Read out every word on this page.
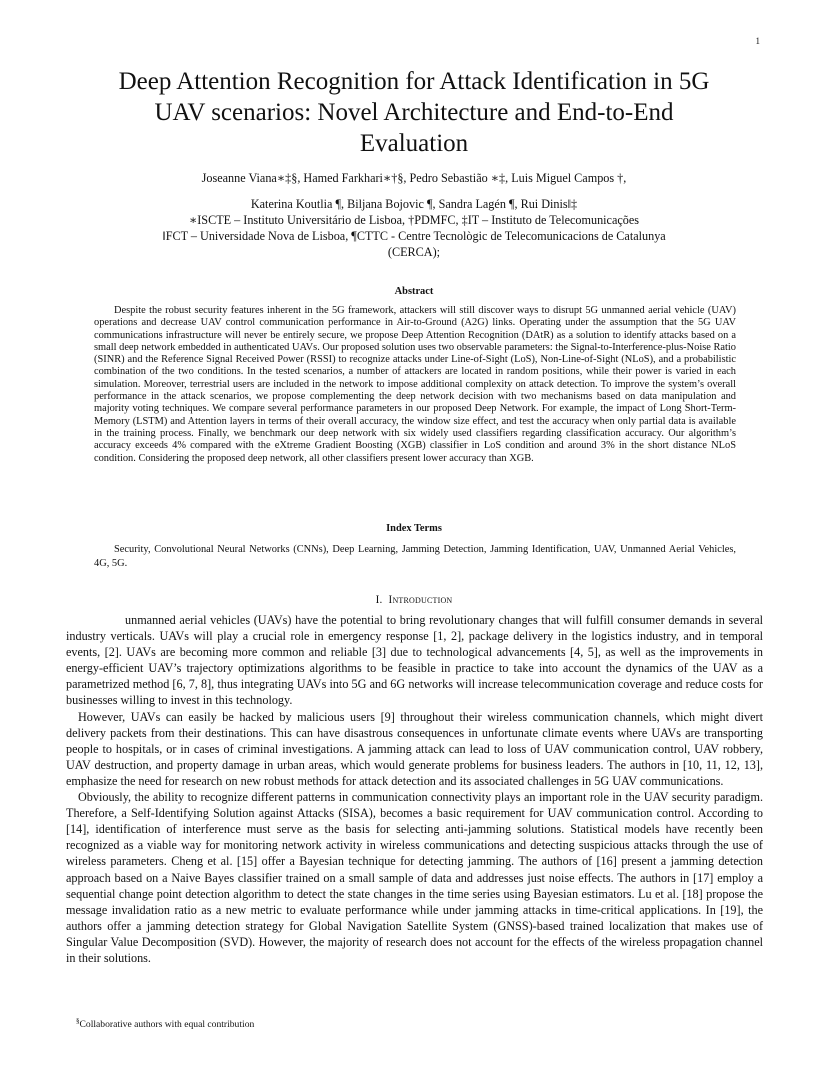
1
Deep Attention Recognition for Attack Identification in 5G UAV scenarios: Novel Architecture and End-to-End Evaluation

Joseanne Viana∗‡§, Hamed Farkhari∗†§, Pedro Sebastião ∗‡, Luis Miguel Campos †,

Katerina Koutlia ¶, Biljana Bojovic ¶, Sandra Lagén ¶, Rui Dinis‖‡

∗ISCTE – Instituto Universitário de Lisboa, †PDMFC, ‡IT – Instituto de Telecomunicações

‖FCT – Universidade Nova de Lisboa, ¶CTTC - Centre Tecnològic de Telecomunicacions de Catalunya

(CERCA);

Abstract

Despite the robust security features inherent in the 5G framework, attackers will still discover ways to disrupt 5G unmanned aerial vehicle (UAV) operations and decrease UAV control communication performance in Air-to-Ground (A2G) links. Operating under the assumption that the 5G UAV communications infrastructure will never be entirely secure, we propose Deep Attention Recognition (DAtR) as a solution to identify attacks based on a small deep network embedded in authenticated UAVs. Our proposed solution uses two observable parameters: the Signal-to-Interference-plus-Noise Ratio (SINR) and the Reference Signal Received Power (RSSI) to recognize attacks under Line-of-Sight (LoS), Non-Line-of-Sight (NLoS), and a probabilistic combination of the two conditions. In the tested scenarios, a number of attackers are located in random positions, while their power is varied in each simulation. Moreover, terrestrial users are included in the network to impose additional complexity on attack detection. To improve the system’s overall performance in the attack scenarios, we propose complementing the deep network decision with two mechanisms based on data manipulation and majority voting techniques. We compare several performance parameters in our proposed Deep Network. For example, the impact of Long Short-Term-Memory (LSTM) and Attention layers in terms of their overall accuracy, the window size effect, and test the accuracy when only partial data is available in the training process. Finally, we benchmark our deep network with six widely used classifiers regarding classification accuracy. Our algorithm’s accuracy exceeds 4% compared with the eXtreme Gradient Boosting (XGB) classifier in LoS condition and around 3% in the short distance NLoS condition. Considering the proposed deep network, all other classifiers present lower accuracy than XGB.

Index Terms

Security, Convolutional Neural Networks (CNNs), Deep Learning, Jamming Detection, Jamming Identification, UAV, Unmanned Aerial Vehicles, 4G, 5G.

I. Introduction

unmanned aerial vehicles (UAVs) have the potential to bring revolutionary changes that will fulfill consumer demands in several industry verticals. UAVs will play a crucial role in emergency response [1, 2], package delivery in the logistics industry, and in temporal events, [2]. UAVs are becoming more common and reliable [3] due to technological advancements [4, 5], as well as the improvements in energy-efficient UAV’s trajectory optimizations algorithms to be feasible in practice to take into account the dynamics of the UAV as a parametrized method [6, 7, 8], thus integrating UAVs into 5G and 6G networks will increase telecommunication coverage and reduce costs for businesses willing to invest in this technology.

However, UAVs can easily be hacked by malicious users [9] throughout their wireless communication channels, which might divert delivery packets from their destinations. This can have disastrous consequences in unfortunate climate events where UAVs are transporting people to hospitals, or in cases of criminal investigations. A jamming attack can lead to loss of UAV communication control, UAV robbery, UAV destruction, and property damage in urban areas, which would generate problems for business leaders. The authors in [10, 11, 12, 13], emphasize the need for research on new robust methods for attack detection and its associated challenges in 5G UAV communications.

Obviously, the ability to recognize different patterns in communication connectivity plays an important role in the UAV security paradigm. Therefore, a Self-Identifying Solution against Attacks (SISA), becomes a basic requirement for UAV communication control. According to [14], identification of interference must serve as the basis for selecting anti-jamming solutions. Statistical models have recently been recognized as a viable way for monitoring network activity in wireless communications and detecting suspicious attacks through the use of wireless parameters. Cheng et al. [15] offer a Bayesian technique for detecting jamming. The authors of [16] present a jamming detection approach based on a Naive Bayes classifier trained on a small sample of data and addresses just noise effects. The authors in [17] employ a sequential change point detection algorithm to detect the state changes in the time series using Bayesian estimators. Lu et al. [18] propose the message invalidation ratio as a new metric to evaluate performance while under jamming attacks in time-critical applications. In [19], the authors offer a jamming detection strategy for Global Navigation Satellite System (GNSS)-based trained localization that makes use of Singular Value Decomposition (SVD). However, the majority of research does not account for the effects of the wireless propagation channel in their solutions.

§Collaborative authors with equal contribution
